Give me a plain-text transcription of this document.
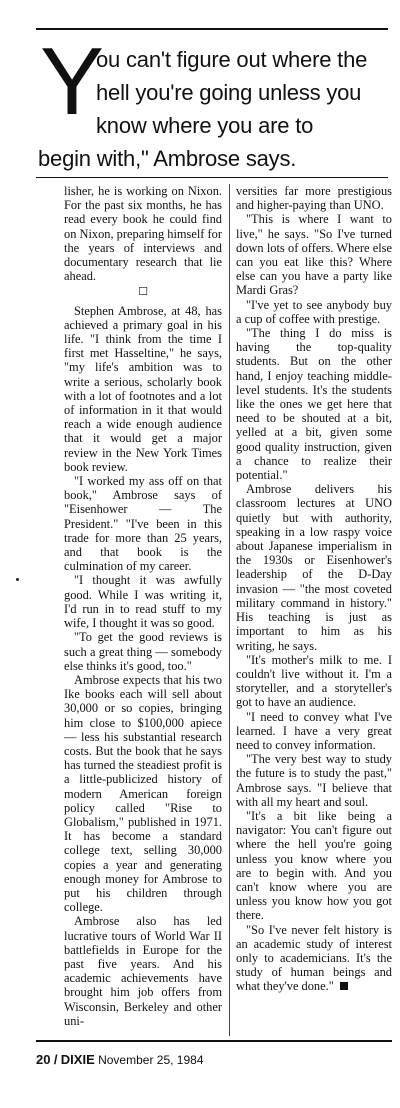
Y
ou can't figure out where the
hell you're going unless you
know where you are to
begin with," Ambrose says.

lisher, he is working on Nixon. For the past six months, he has read every book he could find on Nixon, preparing himself for the years of interviews and documentary research that lie ahead.

☐

Stephen Ambrose, at 48, has achieved a primary goal in his life. "I think from the time I first met Hasseltine," he says, "my life's ambition was to write a serious, scholarly book with a lot of footnotes and a lot of information in it that would reach a wide enough audience that it would get a major review in the New York Times book review.

"I worked my ass off on that book," Ambrose says of "Eisenhower — The President." "I've been in this trade for more than 25 years, and that book is the culmination of my career.

"I thought it was awfully good. While I was writing it, I'd run in to read stuff to my wife, I thought it was so good.

"To get the good reviews is such a great thing — somebody else thinks it's good, too."

Ambrose expects that his two Ike books each will sell about 30,000 or so copies, bringing him close to $100,000 apiece — less his substantial research costs. But the book that he says has turned the steadiest profit is a little-publicized history of modern American foreign policy called "Rise to Globalism," published in 1971. It has become a standard college text, selling 30,000 copies a year and generating enough money for Ambrose to put his children through college.

Ambrose also has led lucrative tours of World War II battlefields in Europe for the past five years. And his academic achievements have brought him job offers from Wisconsin, Berkeley and other uni-

versities far more prestigious and higher-paying than UNO.

"This is where I want to live," he says. "So I've turned down lots of offers. Where else can you eat like this? Where else can you have a party like Mardi Gras?

"I've yet to see anybody buy a cup of coffee with prestige.

"The thing I do miss is having the top-quality students. But on the other hand, I enjoy teaching middle-level students. It's the students like the ones we get here that need to be shouted at a bit, yelled at a bit, given some good quality instruction, given a chance to realize their potential."

Ambrose delivers his classroom lectures at UNO quietly but with authority, speaking in a low raspy voice about Japanese imperialism in the 1930s or Eisenhower's leadership of the D-Day invasion — "the most coveted military command in history." His teaching is just as important to him as his writing, he says.

"It's mother's milk to me. I couldn't live without it. I'm a storyteller, and a storyteller's got to have an audience.

"I need to convey what I've learned. I have a very great need to convey information.

"The very best way to study the future is to study the past," Ambrose says. "I believe that with all my heart and soul.

"It's a bit like being a navigator: You can't figure out where the hell you're going unless you know where you are to begin with. And you can't know where you are unless you know how you got there.

"So I've never felt history is an academic study of interest only to academicians. It's the study of human beings and what they've done."

20 / DIXIE November 25, 1984
